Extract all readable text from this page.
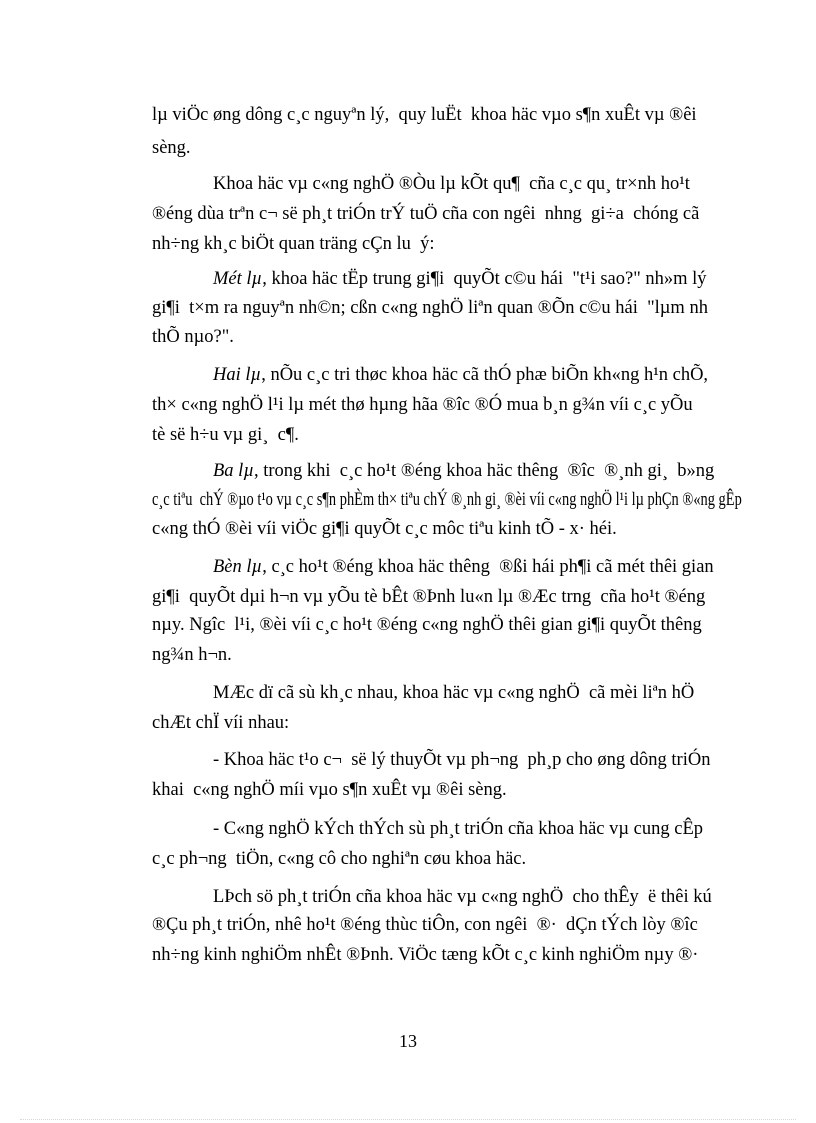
lµ viÖc øng dông c¸c nguyªn lý,  quy luËt  khoa häc vµo s¶n xuÊt vµ ®êi
sèng.
Khoa häc vµ c«ng nghÖ ®Òu lµ kÕt qu¶  cña c¸c qu¸ tr×nh ho¹t
®éng dùa trªn c¬ së ph¸t triÓn trÝ tuÖ cña con ngêi  nhng  gi÷a  chóng cã
nh÷ng kh¸c biÖt quan träng cÇn lu  ý:
Mét lµ, khoa häc tËp trung gi¶i  quyÕt c©u hái  "t¹i sao?" nh»m lý
gi¶i  t×m ra nguyªn nh©n; cßn c«ng nghÖ liªn quan ®Õn c©u hái  "lµm nh
thÕ nµo?".
Hai lµ, nÕu c¸c tri thøc khoa häc cã thÓ phæ biÕn kh«ng h¹n chÕ,
th× c«ng nghÖ l¹i lµ mét thø hµng hãa ®îc ®Ó mua b¸n g¾n víi c¸c yÕu
tè së h÷u vµ gi¸  c¶.
Ba lµ, trong khi  c¸c ho¹t ®éng khoa häc thêng  ®îc  ®¸nh gi¸  b»ng
c¸c tiªu  chÝ ®µo t¹o vµ c¸c s¶n phÈm th× tiªu chÝ ®¸nh gi¸ ®èi víi c«ng nghÖ l¹i lµ phÇn ®«ng gÊp
c«ng thÓ ®èi víi viÖc gi¶i quyÕt c¸c môc tiªu kinh tÕ - x· héi.
Bèn lµ, c¸c ho¹t ®éng khoa häc thêng  ®ßi hái ph¶i cã mét thêi gian
gi¶i  quyÕt dµi h¬n vµ yÕu tè bÊt ®Þnh lu«n lµ ®Æc trng  cña ho¹t ®éng
nµy. Ngîc  l¹i, ®èi víi c¸c ho¹t ®éng c«ng nghÖ thêi gian gi¶i quyÕt thêng
ng¾n h¬n.
MÆc dï cã sù kh¸c nhau, khoa häc vµ c«ng nghÖ  cã mèi liªn hÖ
chÆt chÏ víi nhau:
- Khoa häc t¹o c¬  së lý thuyÕt vµ ph¬ng  ph¸p cho øng dông triÓn
khai  c«ng nghÖ míi vµo s¶n xuÊt vµ ®êi sèng.
- C«ng nghÖ kÝch thÝch sù ph¸t triÓn cña khoa häc vµ cung cÊp
c¸c ph¬ng  tiÖn, c«ng cô cho nghiªn cøu khoa häc.
LÞch sö ph¸t triÓn cña khoa häc vµ c«ng nghÖ  cho thÊy  ë thêi kú
®Çu ph¸t triÓn, nhê ho¹t ®éng thùc tiÔn, con ngêi  ®·  dÇn tÝch lòy ®îc
nh÷ng kinh nghiÖm nhÊt ®Þnh. ViÖc tæng kÕt c¸c kinh nghiÖm nµy ®·
13
